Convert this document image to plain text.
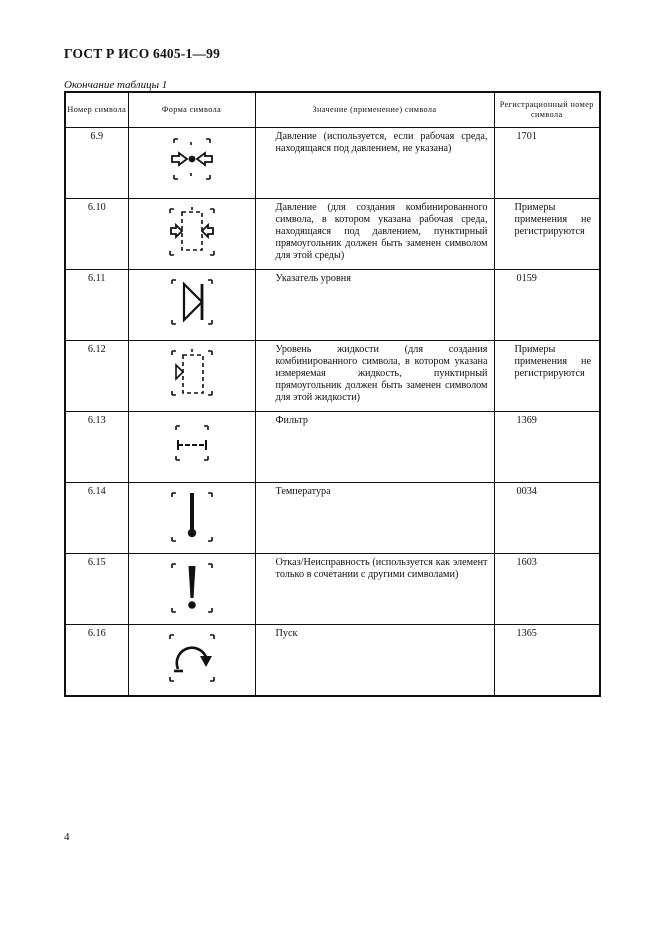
ГОСТ Р ИСО 6405-1—99
Окончание таблицы 1
Номер символа	Форма символа	Значение (применение) символа	Регистрационный номер символа
6.9		Давление (используется, если рабочая среда, находящаяся под давлением, не указана)	1701
6.10		Давление (для создания комбинированного символа, в котором указана рабочая среда, находящаяся под давлением, пунктирный прямоугольник должен быть заменен символом для этой среды)	Примеры применения не регистрируются
6.11		Указатель уровня	0159
6.12		Уровень жидкости (для создания комбинированного символа, в котором указана измеряемая жидкость, пунктирный прямоугольник должен быть заменен символом для этой жидкости)	Примеры применения не регистрируются
6.13		Фильтр	1369
6.14		Температура	0034
6.15		Отказ/Неисправность (используется как элемент только в сочетании с другими символами)	1603
6.16		Пуск	1365
4
